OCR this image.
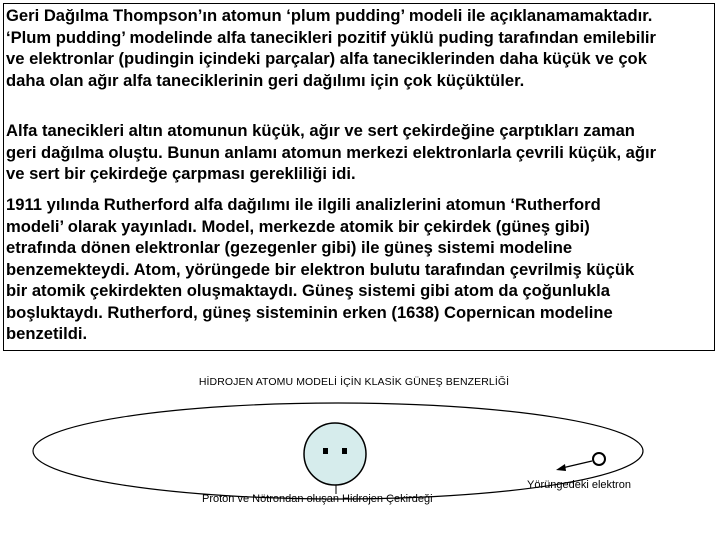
Geri Dağılma Thompson’ın atomun ‘plum pudding’ modeli ile açıklanamamaktadır.
‘Plum pudding’ modelinde alfa tanecikleri pozitif yüklü puding tarafından emilebilir
ve elektronlar (pudingin içindeki parçalar) alfa taneciklerinden daha küçük ve çok
daha olan ağır alfa taneciklerinin geri dağılımı için çok küçüktüler.
Alfa tanecikleri altın atomunun küçük, ağır ve sert çekirdeğine çarptıkları zaman
geri dağılma oluştu. Bunun anlamı atomun merkezi elektronlarla çevrili küçük, ağır
ve sert bir çekirdeğe çarpması gerekliliği idi.
1911 yılında Rutherford alfa dağılımı ile ilgili analizlerini atomun ‘Rutherford
modeli’ olarak yayınladı. Model, merkezde atomik bir çekirdek (güneş gibi)
etrafında dönen elektronlar (gezegenler gibi) ile güneş sistemi modeline
benzemekteydi. Atom, yörüngede bir elektron bulutu tarafından çevrilmiş küçük
bir atomik çekirdekten oluşmaktaydı. Güneş sistemi gibi atom da çoğunlukla
boşluktaydı. Rutherford, güneş sisteminin erken (1638) Copernican modeline
benzetildi.
HİDROJEN ATOMU MODELİ İÇİN KLASİK GÜNEŞ BENZERLİĞİ
Yörüngedeki elektron
Proton ve Nötrondan oluşan Hidrojen Çekirdeği
